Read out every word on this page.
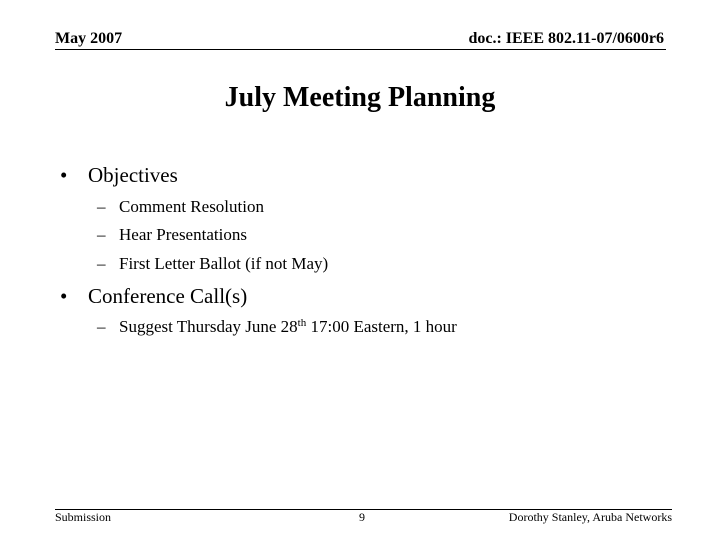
May 2007	doc.: IEEE 802.11-07/0600r6
July Meeting Planning
• Objectives
– Comment Resolution
– Hear Presentations
– First Letter Ballot (if not May)
• Conference Call(s)
– Suggest Thursday June 28th 17:00 Eastern, 1 hour
Submission	9	Dorothy Stanley, Aruba Networks
